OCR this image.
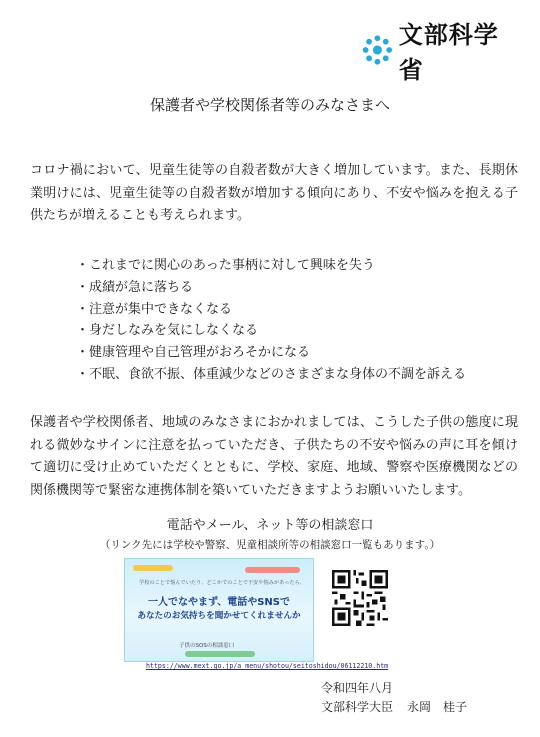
文部科学省
保護者や学校関係者等のみなさまへ
コロナ禍において、児童生徒等の自殺者数が大きく増加しています。また、長期休業明けには、児童生徒等の自殺者数が増加する傾向にあり、不安や悩みを抱える子供たちが増えることも考えられます。
・ これまでに関心のあった事柄に対して興味を失う
・ 成績が急に落ちる
・ 注意が集中できなくなる
・ 身だしなみを気にしなくなる
・ 健康管理や自己管理がおろそかになる
・ 不眠、食欲不振、体重減少などのさまざまな身体の不調を訴える
保護者や学校関係者、地域のみなさまにおかれましては、こうした子供の態度に現れる微妙なサインに注意を払っていただき、子供たちの不安や悩みの声に耳を傾けて適切に受け止めていただくとともに、学校、家庭、地域、警察や医療機関などの関係機関等で緊密な連携体制を築いていただきますようお願いいたします。
電話やメール、ネット等の相談窓口
（リンク先には学校や警察、児童相談所等の相談窓口一覧もあります。）
学校のことで悩んでいたり、どこかでのことで不安や悩みがあったら、
一人でなやまず、電話やSNSで
あなたのお気持ちを聞かせてくれませんか
子供のSOSの相談窓口
https://www.mext.go.jp/a_menu/shotou/seitoshidou/06112210.htm
令和四年八月
文部科学大臣 永岡　桂子
